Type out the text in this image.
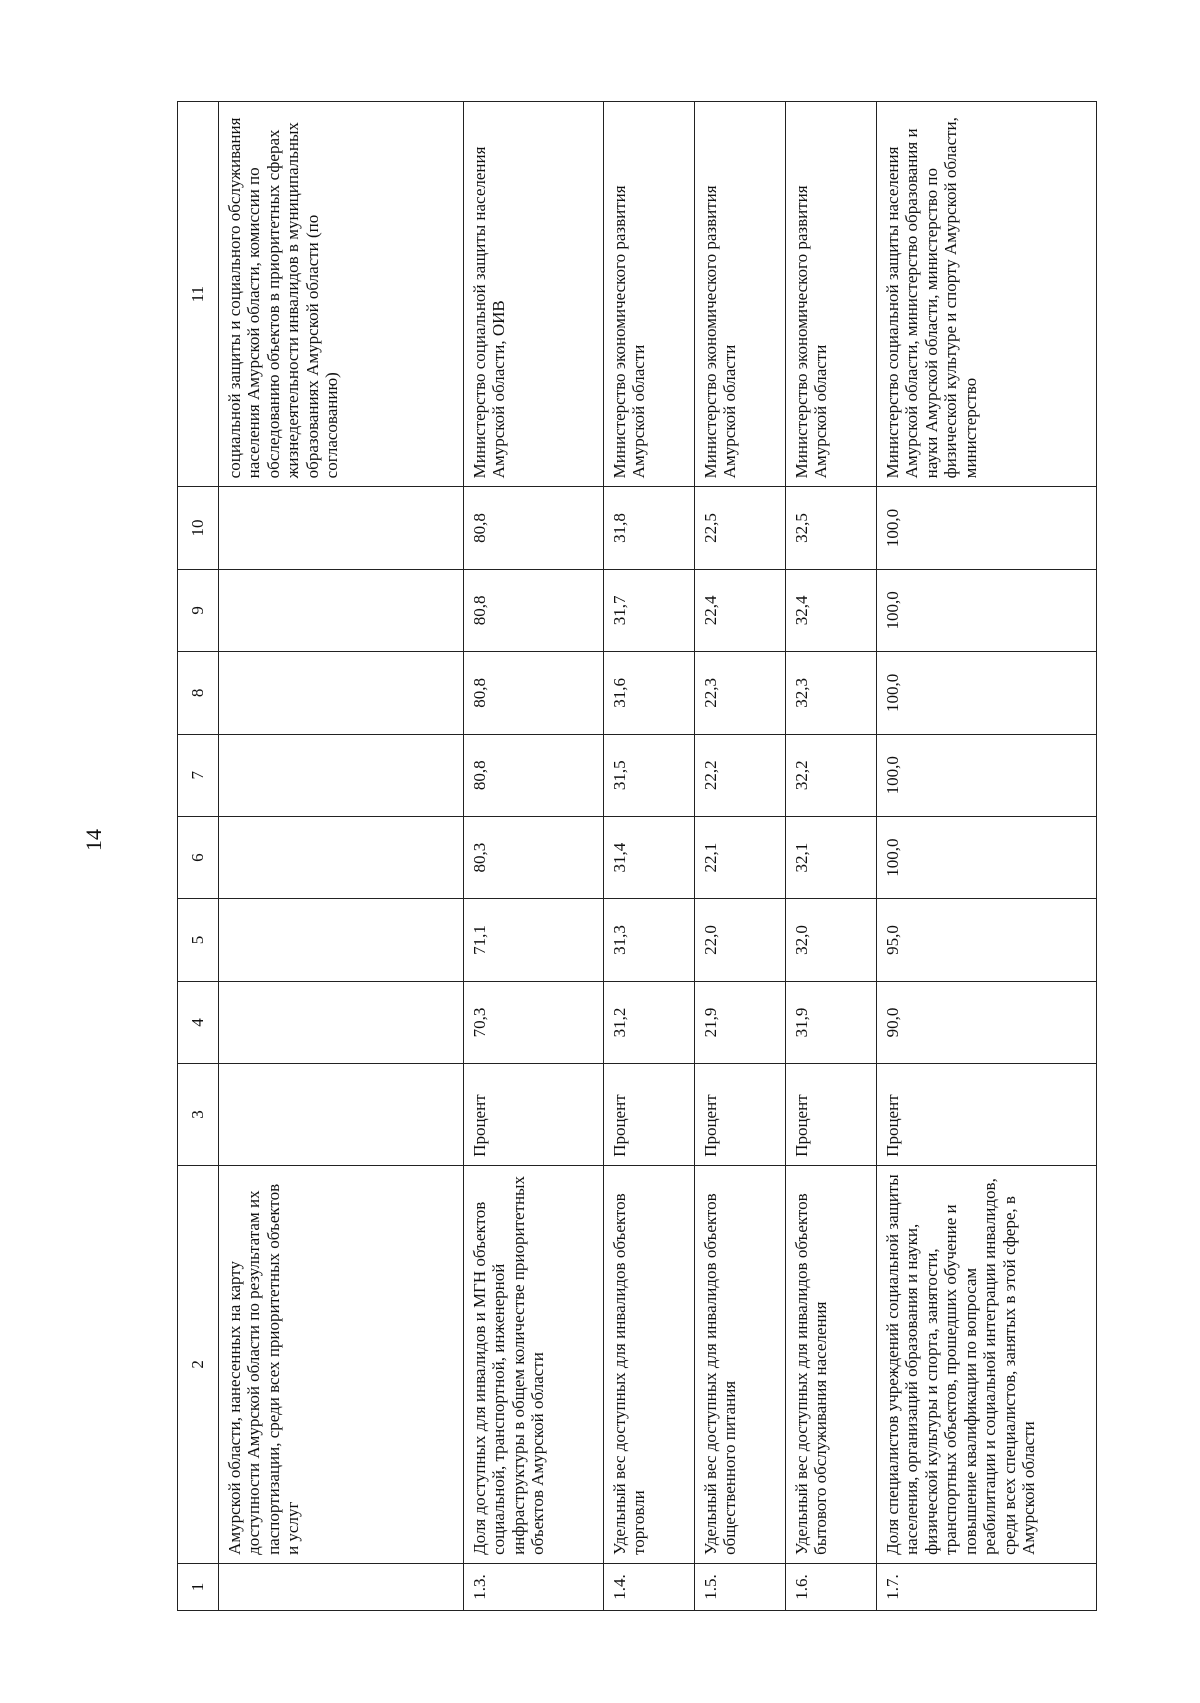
14
1	2	3	4	5	6	7	8	9	10	11
	Амурской области, нанесенных на карту доступности Амурской области по результатам их паспортизации, среди всех приоритетных объектов и услуг									социальной защиты и социального обслуживания населения Амурской области, комиссии по обследованию объектов в приоритетных сферах жизнедеятельности инвалидов в муниципальных образованиях Амурской области (по согласованию)
1.3.	Доля доступных для инвалидов и МГН объектов социальной, транспортной, инженерной инфраструктуры в общем количестве приоритетных объектов Амурской области	Процент	70,3	71,1	80,3	80,8	80,8	80,8	80,8	Министерство социальной защиты населения Амурской области, ОИВ
1.4.	Удельный вес доступных для инвалидов объектов торговли	Процент	31,2	31,3	31,4	31,5	31,6	31,7	31,8	Министерство экономического развития Амурской области
1.5.	Удельный вес доступных для инвалидов объектов общественного питания	Процент	21,9	22,0	22,1	22,2	22,3	22,4	22,5	Министерство экономического развития Амурской области
1.6.	Удельный вес доступных для инвалидов объектов бытового обслуживания населения	Процент	31,9	32,0	32,1	32,2	32,3	32,4	32,5	Министерство экономического развития Амурской области
1.7.	Доля специалистов учреждений социальной защиты населения, организаций образования и науки, физической культуры и спорта, занятости, транспортных объектов, прошедших обучение и повышение квалификации по вопросам реабилитации и социальной интеграции инвалидов, среди всех специалистов, занятых в этой сфере, в Амурской области	Процент	90,0	95,0	100,0	100,0	100,0	100,0	100,0	Министерство социальной защиты населения Амурской области, министерство образования и науки Амурской области, министерство по физической культуре и спорту Амурской области, министерство
